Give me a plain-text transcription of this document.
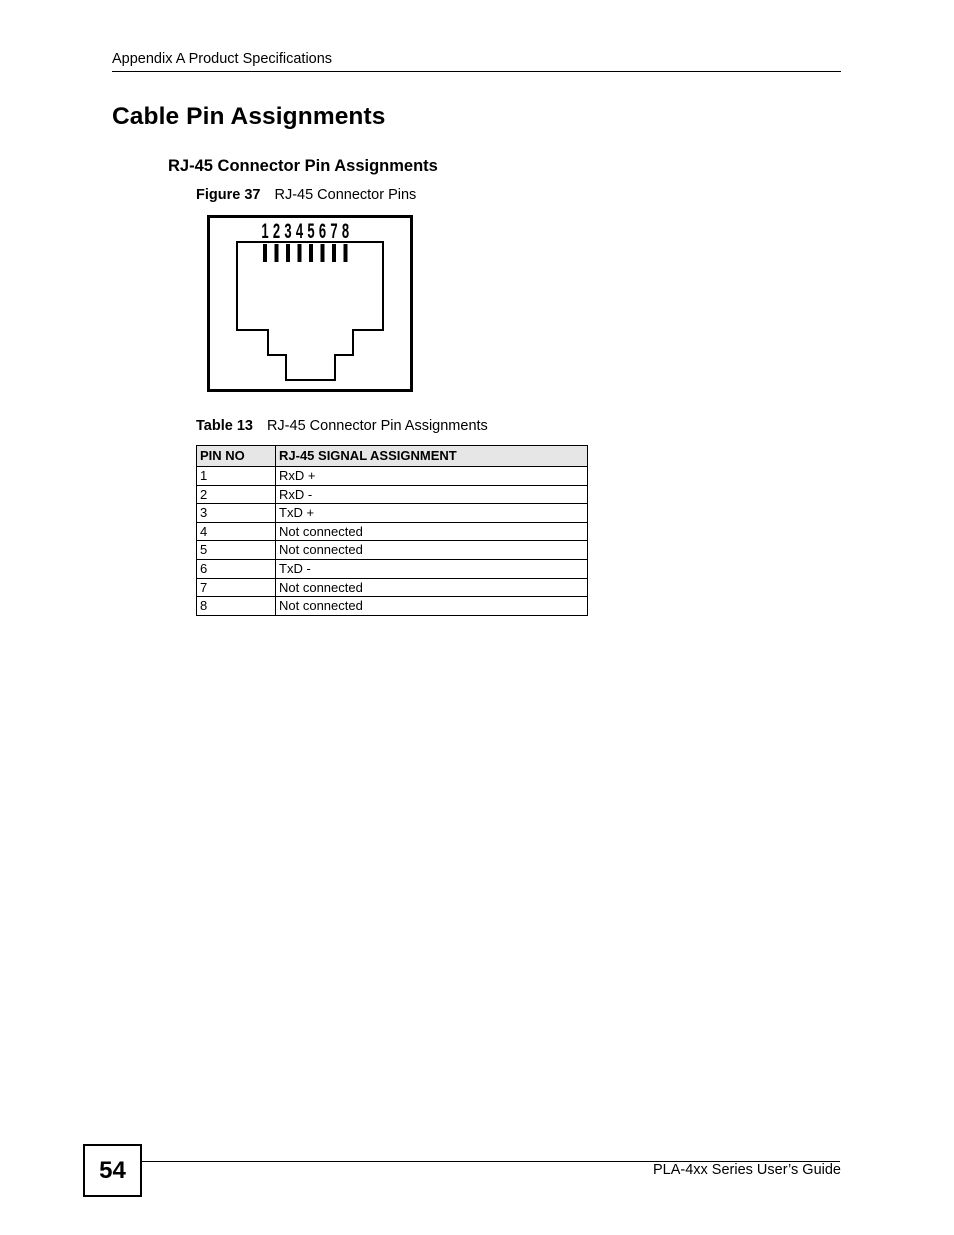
Appendix A Product Specifications
Cable Pin Assignments
RJ-45 Connector Pin Assignments
Figure 37 RJ-45 Connector Pins
1 2 3 4 5 6 7 8
Table 13 RJ-45 Connector Pin Assignments
PIN NO	RJ-45 SIGNAL ASSIGNMENT
1	RxD +
2	RxD -
3	TxD +
4	Not connected
5	Not connected
6	TxD -
7	Not connected
8	Not connected
54	PLA-4xx Series User’s Guide
